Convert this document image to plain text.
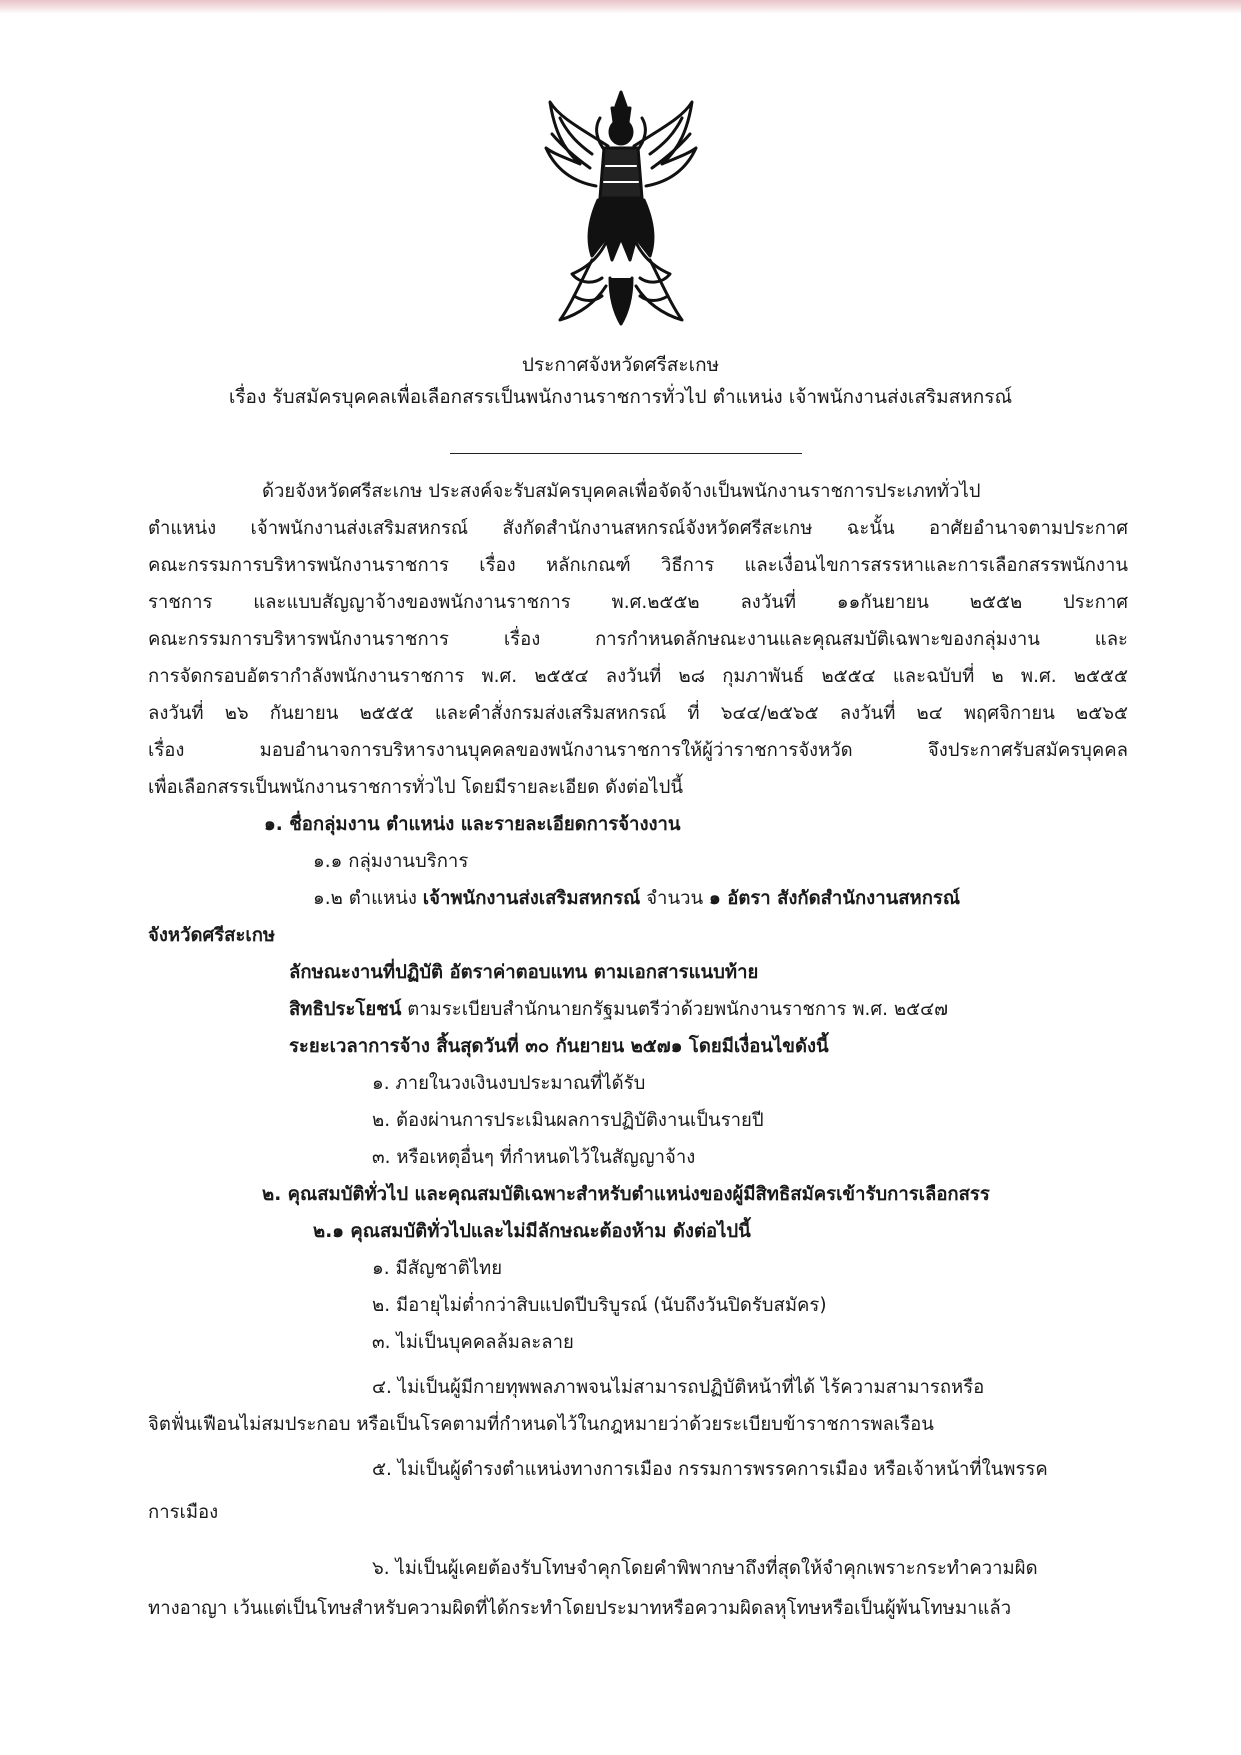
ประกาศจังหวัดศรีสะเกษ
เรื่อง รับสมัครบุคคลเพื่อเลือกสรรเป็นพนักงานราชการทั่วไป ตำแหน่ง เจ้าพนักงานส่งเสริมสหกรณ์
ด้วยจังหวัดศรีสะเกษ ประสงค์จะรับสมัครบุคคลเพื่อจัดจ้างเป็นพนักงานราชการประเภททั่วไป
ตำแหน่ง เจ้าพนักงานส่งเสริมสหกรณ์ สังกัดสำนักงานสหกรณ์จังหวัดศรีสะเกษ ฉะนั้น อาศัยอำนาจตามประกาศ
คณะกรรมการบริหารพนักงานราชการ เรื่อง หลักเกณฑ์ วิธีการ และเงื่อนไขการสรรหาและการเลือกสรรพนักงาน
ราชการ และแบบสัญญาจ้างของพนักงานราชการ พ.ศ.๒๕๕๒ ลงวันที่ ๑๑กันยายน ๒๕๕๒ ประกาศ
คณะกรรมการบริหารพนักงานราชการ เรื่อง การกำหนดลักษณะงานและคุณสมบัติเฉพาะของกลุ่มงาน และ
การจัดกรอบอัตรากำลังพนักงานราชการ พ.ศ. ๒๕๕๔ ลงวันที่ ๒๘ กุมภาพันธ์ ๒๕๕๔ และฉบับที่ ๒ พ.ศ. ๒๕๕๕
ลงวันที่ ๒๖ กันยายน ๒๕๕๕ และคำสั่งกรมส่งเสริมสหกรณ์ ที่ ๖๔๔/๒๕๖๕ ลงวันที่ ๒๔ พฤศจิกายน ๒๕๖๕
เรื่อง มอบอำนาจการบริหารงานบุคคลของพนักงานราชการให้ผู้ว่าราชการจังหวัด จึงประกาศรับสมัครบุคคล
เพื่อเลือกสรรเป็นพนักงานราชการทั่วไป โดยมีรายละเอียด ดังต่อไปนี้
๑. ชื่อกลุ่มงาน ตำแหน่ง และรายละเอียดการจ้างงาน
๑.๑ กลุ่มงานบริการ
๑.๒ ตำแหน่ง เจ้าพนักงานส่งเสริมสหกรณ์ จำนวน ๑ อัตรา สังกัดสำนักงานสหกรณ์
จังหวัดศรีสะเกษ
ลักษณะงานที่ปฏิบัติ อัตราค่าตอบแทน ตามเอกสารแนบท้าย
สิทธิประโยชน์ ตามระเบียบสำนักนายกรัฐมนตรีว่าด้วยพนักงานราชการ พ.ศ. ๒๕๔๗
ระยะเวลาการจ้าง สิ้นสุดวันที่ ๓๐ กันยายน ๒๕๗๑ โดยมีเงื่อนไขดังนี้
๑. ภายในวงเงินงบประมาณที่ได้รับ
๒. ต้องผ่านการประเมินผลการปฏิบัติงานเป็นรายปี
๓. หรือเหตุอื่นๆ ที่กำหนดไว้ในสัญญาจ้าง
๒. คุณสมบัติทั่วไป และคุณสมบัติเฉพาะสำหรับตำแหน่งของผู้มีสิทธิสมัครเข้ารับการเลือกสรร
๒.๑ คุณสมบัติทั่วไปและไม่มีลักษณะต้องห้าม ดังต่อไปนี้
๑. มีสัญชาติไทย
๒. มีอายุไม่ต่ำกว่าสิบแปดปีบริบูรณ์ (นับถึงวันปิดรับสมัคร)
๓. ไม่เป็นบุคคลล้มละลาย
๔. ไม่เป็นผู้มีกายทุพพลภาพจนไม่สามารถปฏิบัติหน้าที่ได้ ไร้ความสามารถหรือ
จิตฟั่นเฟือนไม่สมประกอบ หรือเป็นโรคตามที่กำหนดไว้ในกฎหมายว่าด้วยระเบียบข้าราชการพลเรือน
๕. ไม่เป็นผู้ดำรงตำแหน่งทางการเมือง กรรมการพรรคการเมือง หรือเจ้าหน้าที่ในพรรค
การเมือง
๖. ไม่เป็นผู้เคยต้องรับโทษจำคุกโดยคำพิพากษาถึงที่สุดให้จำคุกเพราะกระทำความผิด
ทางอาญา เว้นแต่เป็นโทษสำหรับความผิดที่ได้กระทำโดยประมาทหรือความผิดลหุโทษหรือเป็นผู้พ้นโทษมาแล้ว
